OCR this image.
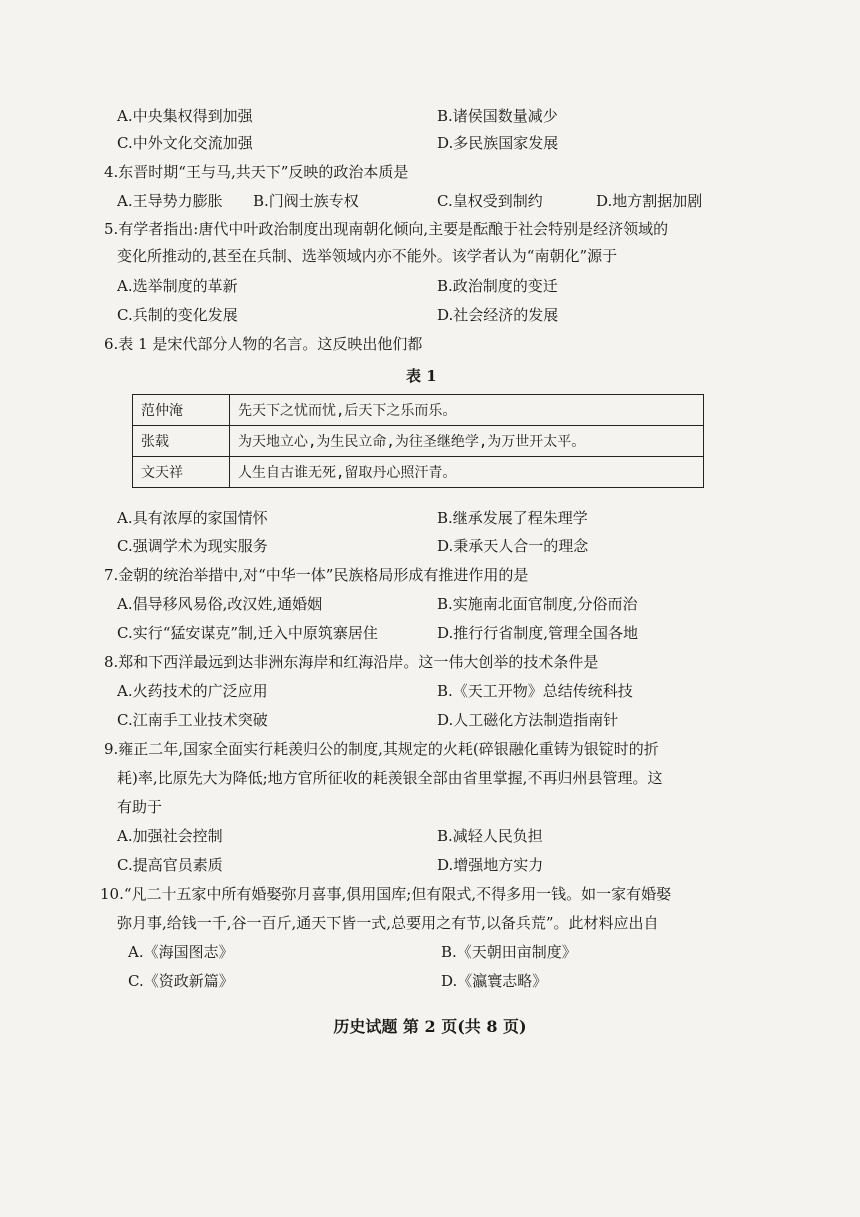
A.中央集权得到加强	B.诸侯国数量减少
C.中外文化交流加强	D.多民族国家发展
4.东晋时期“王与马,共天下”反映的政治本质是
A.王导势力膨胀 B.门阀士族专权	C.皇权受到制约	D.地方割据加剧
5.有学者指出:唐代中叶政治制度出现南朝化倾向,主要是酝酿于社会特别是经济领域的
变化所推动的,甚至在兵制、选举领域内亦不能外。该学者认为“南朝化”源于
A.选举制度的革新	B.政治制度的变迁
C.兵制的变化发展	D.社会经济的发展
6.表 1 是宋代部分人物的名言。这反映出他们都
表 1
范仲淹	先天下之忧而忧,后天下之乐而乐。
张载	为天地立心,为生民立命,为往圣继绝学,为万世开太平。
文天祥	人生自古谁无死,留取丹心照汗青。
A.具有浓厚的家国情怀	B.继承发展了程朱理学
C.强调学术为现实服务	D.秉承天人合一的理念
7.金朝的统治举措中,对“中华一体”民族格局形成有推进作用的是
A.倡导移风易俗,改汉姓,通婚姻	B.实施南北面官制度,分俗而治
C.实行“猛安谋克”制,迁入中原筑寨居住	D.推行行省制度,管理全国各地
8.郑和下西洋最远到达非洲东海岸和红海沿岸。这一伟大创举的技术条件是
A.火药技术的广泛应用	B.《天工开物》总结传统科技
C.江南手工业技术突破	D.人工磁化方法制造指南针
9.雍正二年,国家全面实行耗羡归公的制度,其规定的火耗(碎银融化重铸为银锭时的折
耗)率,比原先大为降低;地方官所征收的耗羡银全部由省里掌握,不再归州县管理。这
有助于
A.加强社会控制	B.减轻人民负担
C.提高官员素质	D.增强地方实力
10.“凡二十五家中所有婚娶弥月喜事,俱用国库;但有限式,不得多用一钱。如一家有婚娶
弥月事,给钱一千,谷一百斤,通天下皆一式,总要用之有节,以备兵荒”。此材料应出自
A.《海国图志》	B.《天朝田亩制度》
C.《资政新篇》	D.《瀛寰志略》
历史试题 第 2 页(共 8 页)
